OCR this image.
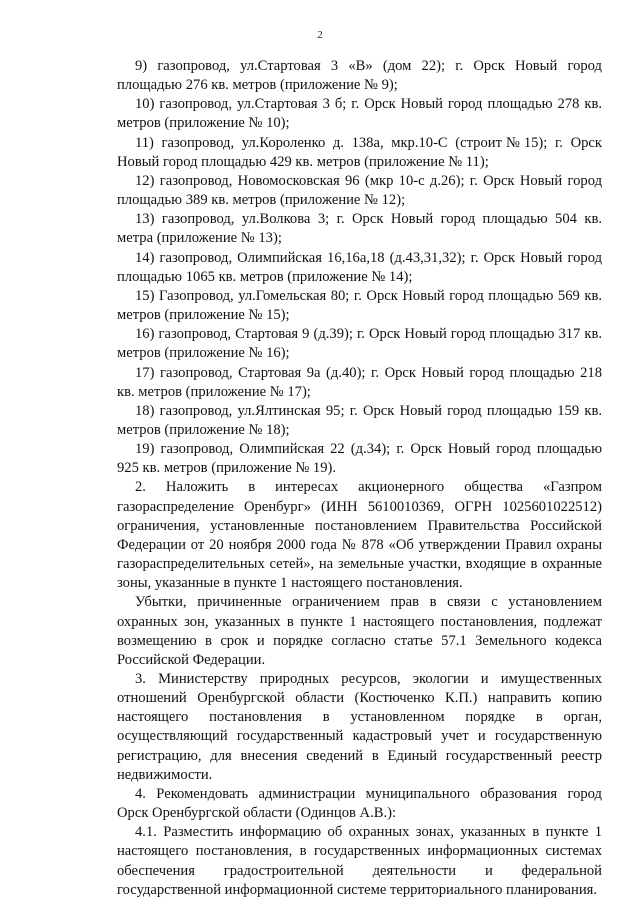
2

9) газопровод, ул.Стартовая 3 «В» (дом 22); г. Орск Новый город площадью 276 кв. метров (приложение № 9);

10) газопровод, ул.Стартовая 3 б; г. Орск Новый город площадью 278 кв. метров (приложение № 10);

11) газопровод, ул.Короленко д. 138а, мкр.10-С (строит№15); г. Орск Новый город площадью 429 кв. метров (приложение № 11);

12) газопровод, Новомосковская 96 (мкр 10-с д.26); г. Орск Новый город площадью 389 кв. метров (приложение № 12);

13) газопровод, ул.Волкова 3; г. Орск Новый город площадью 504 кв. метра (приложение № 13);

14) газопровод, Олимпийская 16,16а,18 (д.43,31,32); г. Орск Новый город площадью 1065 кв. метров (приложение № 14);

15) Газопровод, ул.Гомельская 80; г. Орск Новый город площадью 569 кв. метров (приложение № 15);

16) газопровод, Стартовая 9 (д.39); г. Орск Новый город площадью 317 кв. метров (приложение № 16);

17) газопровод, Стартовая 9а (д.40); г. Орск Новый город площадью 218 кв. метров (приложение № 17);

18) газопровод, ул.Ялтинская 95; г. Орск Новый город площадью 159 кв. метров (приложение № 18);

19) газопровод, Олимпийская 22 (д.34); г. Орск Новый город площадью 925 кв. метров (приложение № 19).

2. Наложить в интересах акционерного общества «Газпром газораспределение Оренбург» (ИНН 5610010369, ОГРН 1025601022512) ограничения, установленные постановлением Правительства Российской Федерации от 20 ноября 2000 года № 878 «Об утверждении Правил охраны газораспределительных сетей», на земельные участки, входящие в охранные зоны, указанные в пункте 1 настоящего постановления.

Убытки, причиненные ограничением прав в связи с установлением охранных зон, указанных в пункте 1 настоящего постановления, подлежат возмещению в срок и порядке согласно статье 57.1 Земельного кодекса Российской Федерации.

3. Министерству природных ресурсов, экологии и имущественных отношений Оренбургской области (Костюченко К.П.) направить копию настоящего постановления в установленном порядке в орган, осуществляющий государственный кадастровый учет и государственную регистрацию, для внесения сведений в Единый государственный реестр недвижимости.

4. Рекомендовать администрации муниципального образования город Орск Оренбургской области (Одинцов А.В.):

4.1. Разместить информацию об охранных зонах, указанных в пункте 1 настоящего постановления, в государственных информационных системах обеспечения градостроительной деятельности и федеральной государственной информационной системе территориального планирования.
